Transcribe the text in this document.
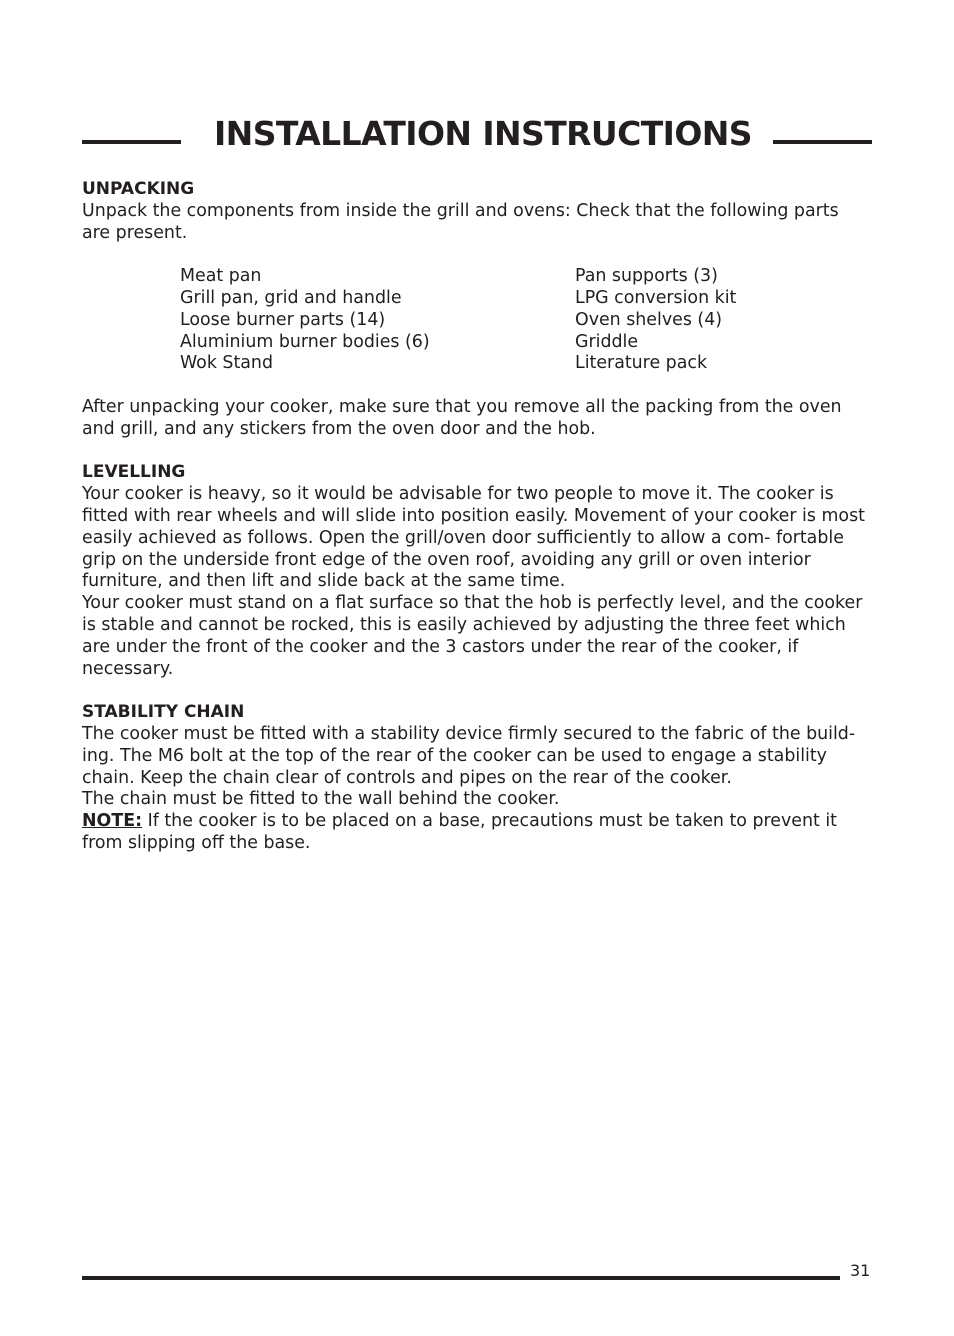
INSTALLATION INSTRUCTIONS

UNPACKING

Unpack the components from inside the grill and ovens: Check that the following parts are present.

Meat pan
Grill pan, grid and handle
Loose burner parts (14)
Aluminium burner bodies (6)
Wok Stand
Pan supports (3)
LPG conversion kit
Oven shelves (4)
Griddle
Literature pack

After unpacking your cooker, make sure that you remove all the packing from the oven and grill, and any stickers from the oven door and the hob.

LEVELLING

Your cooker is heavy, so it would be advisable for two people to move it. The cooker is fitted with rear wheels and will slide into position easily. Movement of your cooker is most easily achieved as follows. Open the grill/oven door sufficiently to allow a com- fortable grip on the underside front edge of the oven roof, avoiding any grill or oven interior furniture, and then lift and slide back at the same time.

Your cooker must stand on a flat surface so that the hob is perfectly level, and the cooker is stable and cannot be rocked, this is easily achieved by adjusting the three feet which are under the front of the cooker and the 3 castors under the rear of the cooker, if necessary.

STABILITY CHAIN

The cooker must be fitted with a stability device firmly secured to the fabric of the build- ing. The M6 bolt at the top of the rear of the cooker can be used to engage a stability chain. Keep the chain clear of controls and pipes on the rear of the cooker.

The chain must be fitted to the wall behind the cooker.

NOTE: If the cooker is to be placed on a base, precautions must be taken to prevent it from slipping off the base.

31
